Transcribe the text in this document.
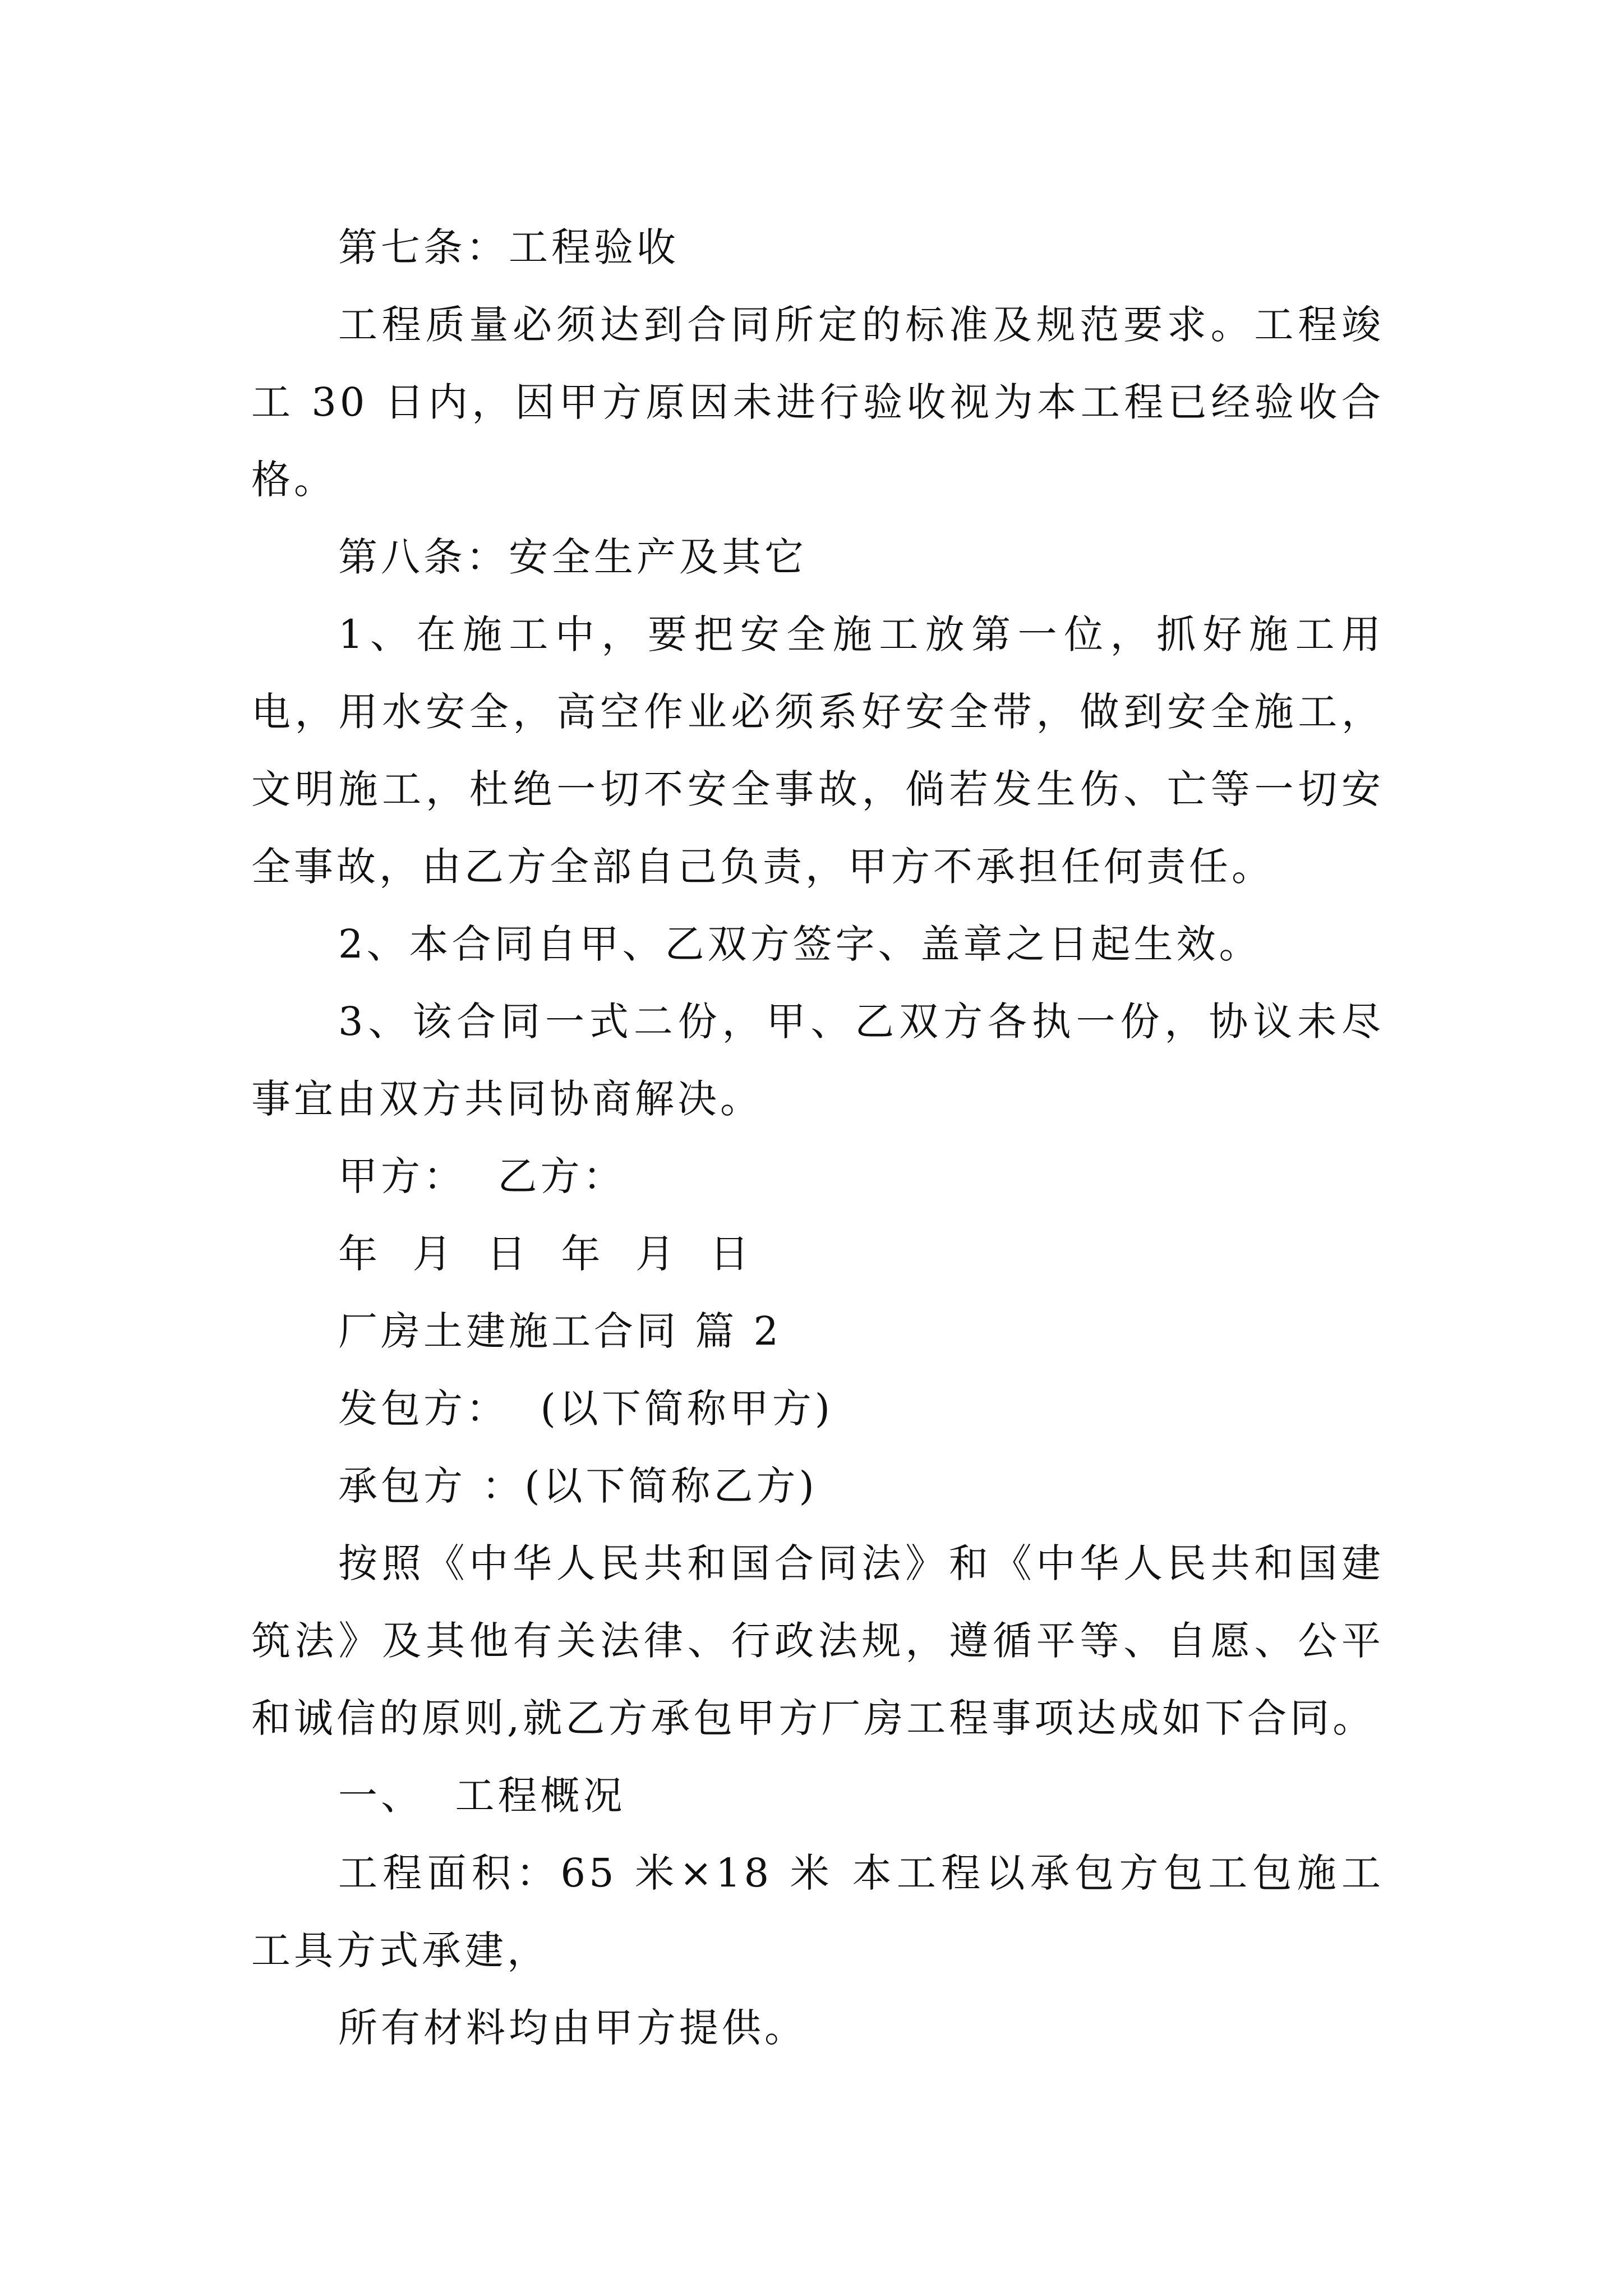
第七条：工程验收

工程质量必须达到合同所定的标准及规范要求。工程竣工 30 日内，因甲方原因未进行验收视为本工程已经验收合格。

第八条：安全生产及其它

1、在施工中，要把安全施工放第一位，抓好施工用电，用水安全，高空作业必须系好安全带，做到安全施工，文明施工，杜绝一切不安全事故，倘若发生伤、亡等一切安全事故，由乙方全部自己负责，甲方不承担任何责任。

2、本合同自甲、乙双方签字、盖章之日起生效。

3、该合同一式二份，甲、乙双方各执一份，协议未尽事宜由双方共同协商解决。

甲方：  乙方：

年  月  日  年  月  日

厂房土建施工合同 篇 2

发包方：  (以下简称甲方)

承包方 ：(以下简称乙方)

按照《中华人民共和国合同法》和《中华人民共和国建筑法》及其他有关法律、行政法规，遵循平等、自愿、公平和诚信的原则,就乙方承包甲方厂房工程事项达成如下合同。

一、  工程概况

工程面积：65 米×18 米 本工程以承包方包工包施工工具方式承建，

所有材料均由甲方提供。
